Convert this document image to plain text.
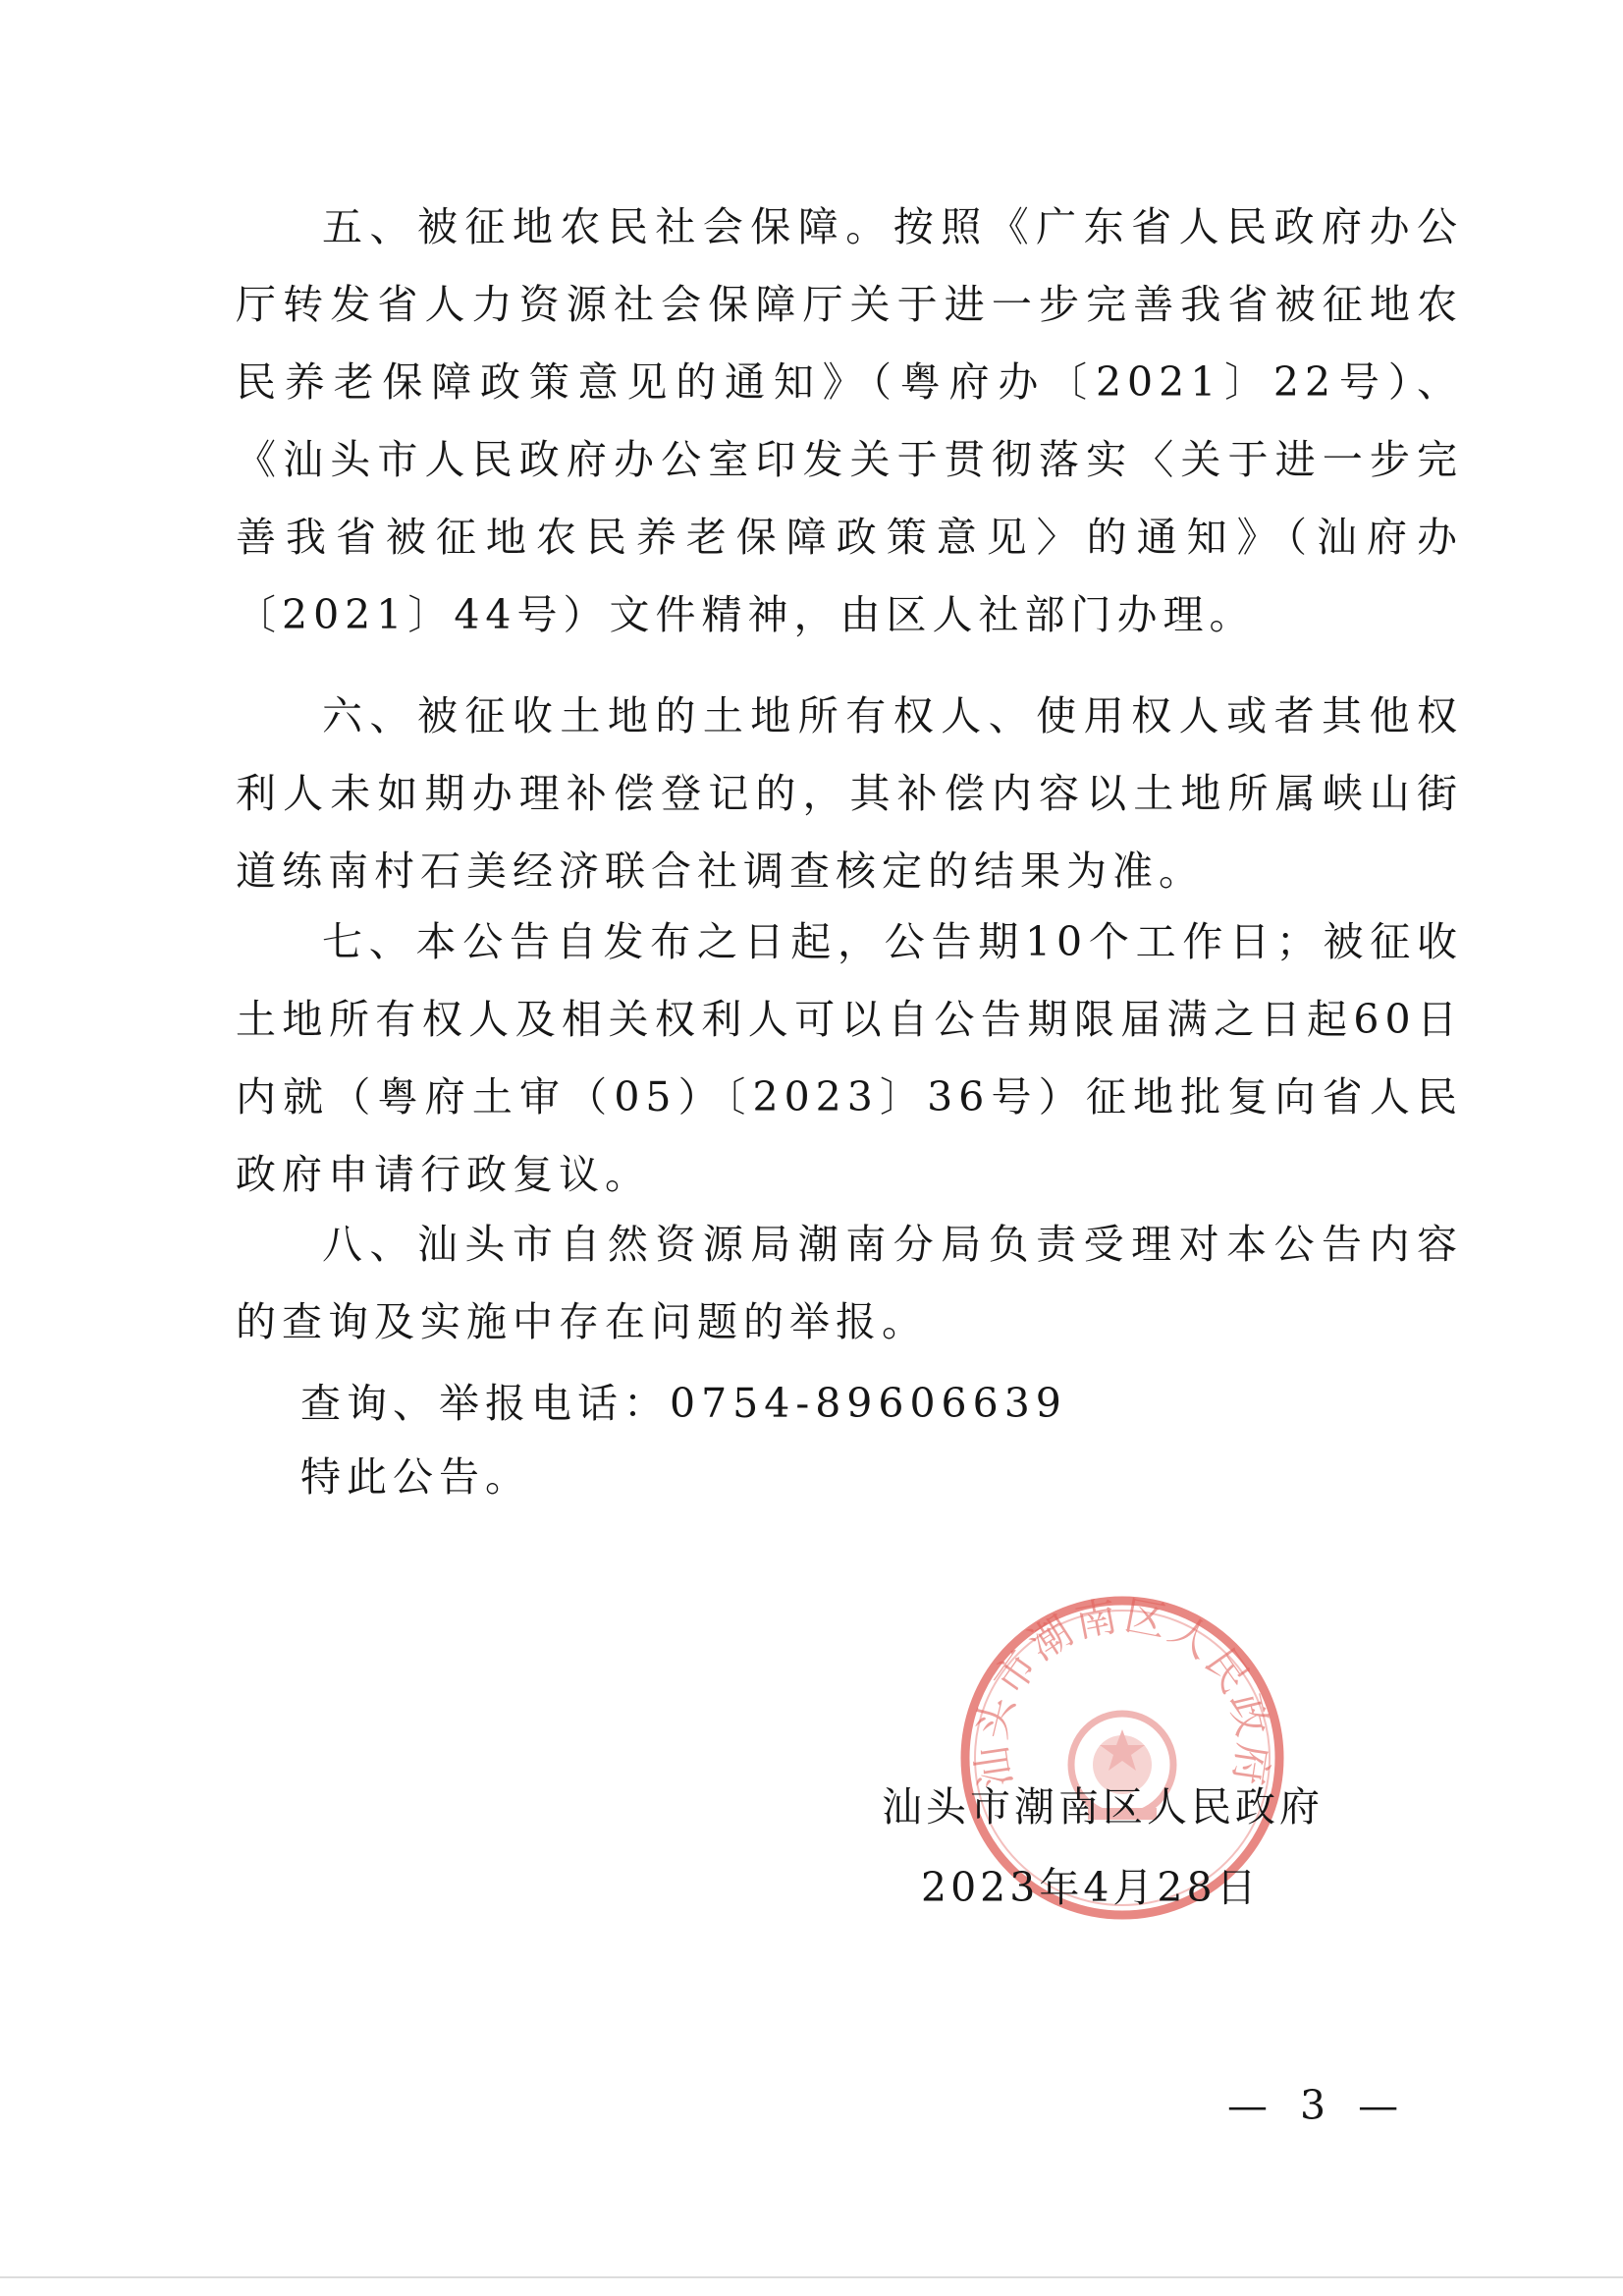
五、被征地农民社会保障。按照《广东省人民政府办公厅转发省人力资源社会保障厅关于进一步完善我省被征地农民养老保障政策意见的通知》（粤府办〔2021〕22号）、《汕头市人民政府办公室印发关于贯彻落实〈关于进一步完善我省被征地农民养老保障政策意见〉的通知》（汕府办〔2021〕44号）文件精神，由区人社部门办理。

六、被征收土地的土地所有权人、使用权人或者其他权利人未如期办理补偿登记的，其补偿内容以土地所属峡山街道练南村石美经济联合社调查核定的结果为准。

七、本公告自发布之日起，公告期10个工作日；被征收土地所有权人及相关权利人可以自公告期限届满之日起60日内就（粤府土审（05）〔2023〕36号）征地批复向省人民政府申请行政复议。

八、汕头市自然资源局潮南分局负责受理对本公告内容的查询及实施中存在问题的举报。

查询、举报电话：0754-89606639

特此公告。

汕头市潮南区人民政府

汕头市潮南区人民政府

2023年4月28日

— 3 —
